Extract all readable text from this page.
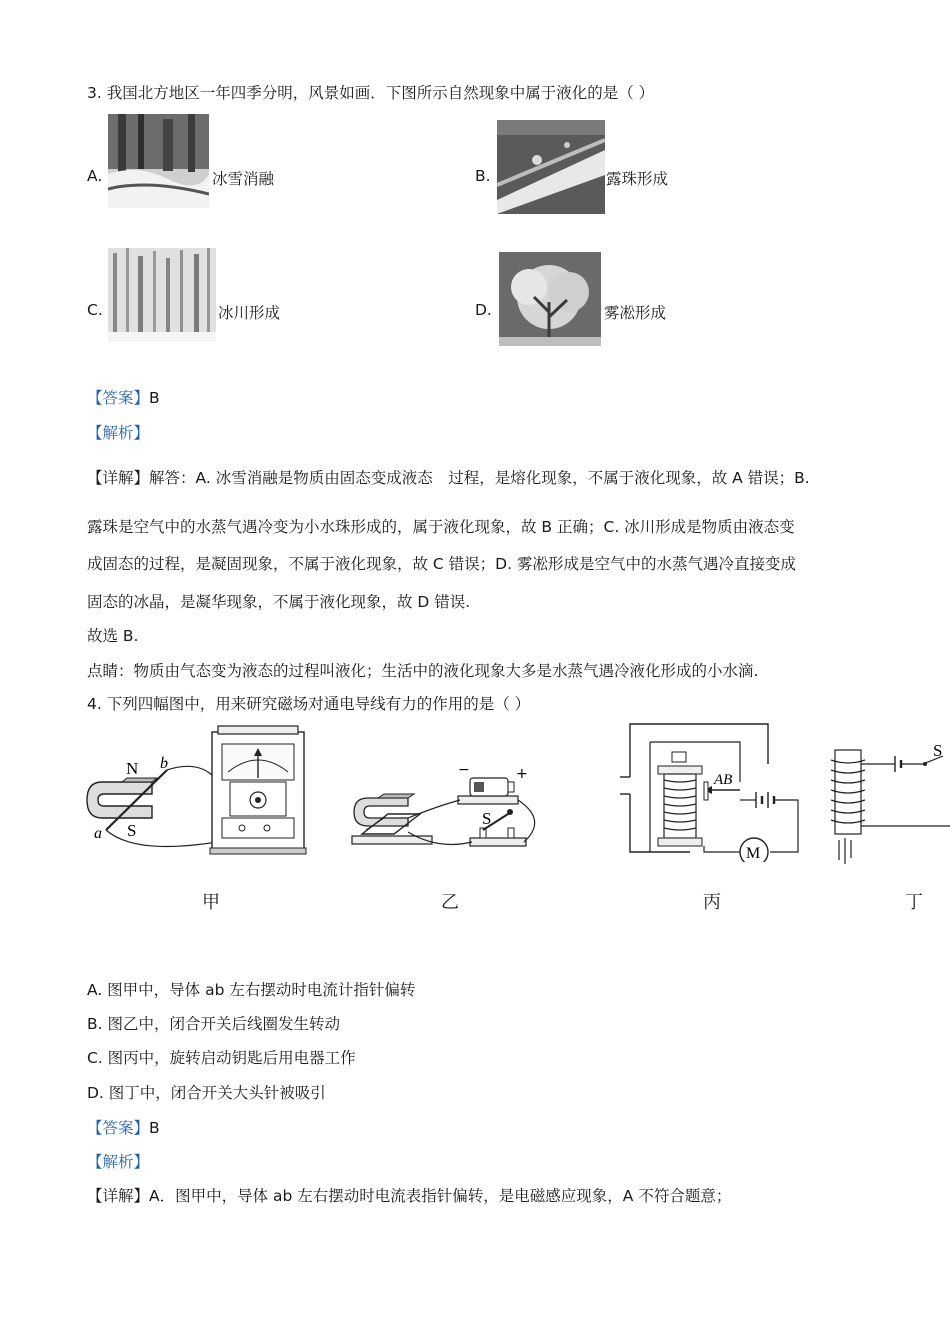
3. 我国北方地区一年四季分明，风景如画．下图所示自然现象中属于液化的是（ ）
A.	冰雪消融	B.	露珠形成
C.	冰川形成	D.	雾凇形成
【答案】B
【解析】
【详解】解答：A. 冰雪消融是物质由固态变成液态　过程，是熔化现象，不属于液化现象，故 A 错误；B.
露珠是空气中的水蒸气遇冷变为小水珠形成的，属于液化现象，故 B 正确；C. 冰川形成是物质由液态变
成固态的过程，是凝固现象，不属于液化现象，故 C 错误；D. 雾凇形成是空气中的水蒸气遇冷直接变成
固态的冰晶，是凝华现象，不属于液化现象，故 D 错误.
故选 B.
点睛：物质由气态变为液态的过程叫液化；生活中的液化现象大多是水蒸气遇冷液化形成的小水滴.
4. 下列四幅图中，用来研究磁场对通电导线有力的作用的是（ ）
N b
a S
甲
−	+
S
乙
AB
M
丙
S
丁
A. 图甲中，导体 ab 左右摆动时电流计指针偏转
B. 图乙中，闭合开关后线圈发生转动
C. 图丙中，旋转启动钥匙后用电器工作
D. 图丁中，闭合开关大头针被吸引
【答案】B
【解析】
【详解】A．图甲中，导体 ab 左右摆动时电流表指针偏转，是电磁感应现象，A 不符合题意；
